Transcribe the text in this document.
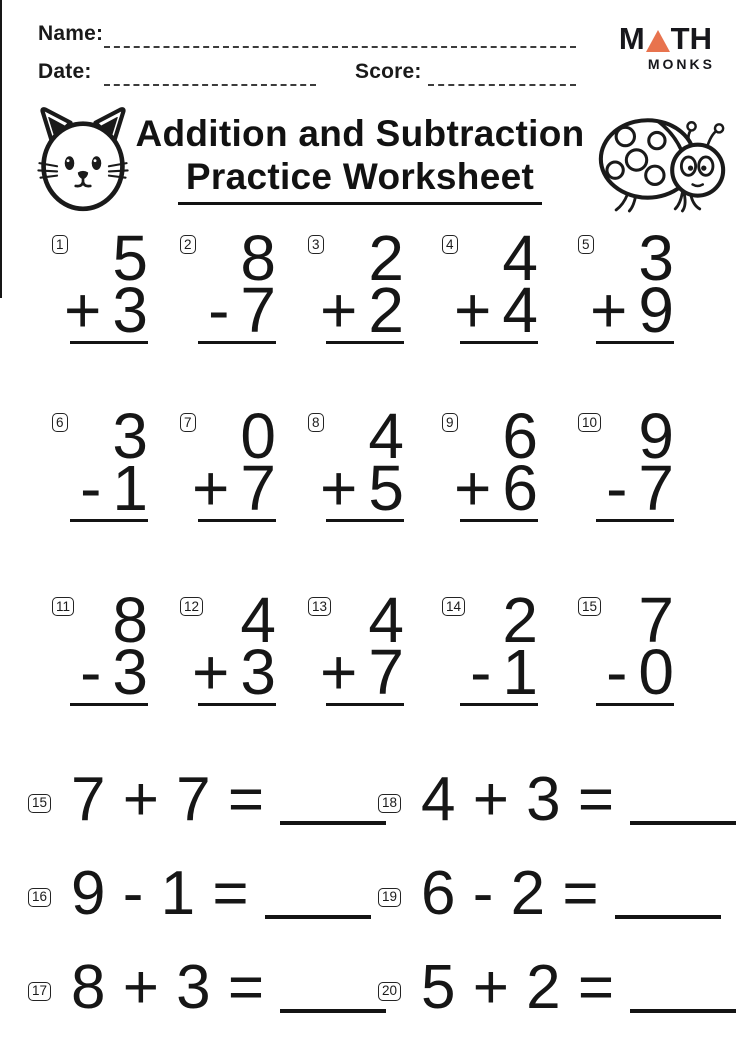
Name:
Date:	Score:
M TH
MONKS
Addition and Subtraction
Practice Worksheet
1 5
+ 3
2 8
- 7
3 2
+ 2
4 4
+ 4
5 3
+ 9
6 3
- 1
7 0
+ 7
8 4
+ 5
9 6
+ 6
10 9
- 7
11 8
- 3
12 4
+ 3
13 4
+ 7
14 2
- 1
15 7
- 0
15 7 + 7 =	18 4 + 3 =
16 9 - 1 =	19 6 - 2 =
17 8 + 3 =	20 5 + 2 =
